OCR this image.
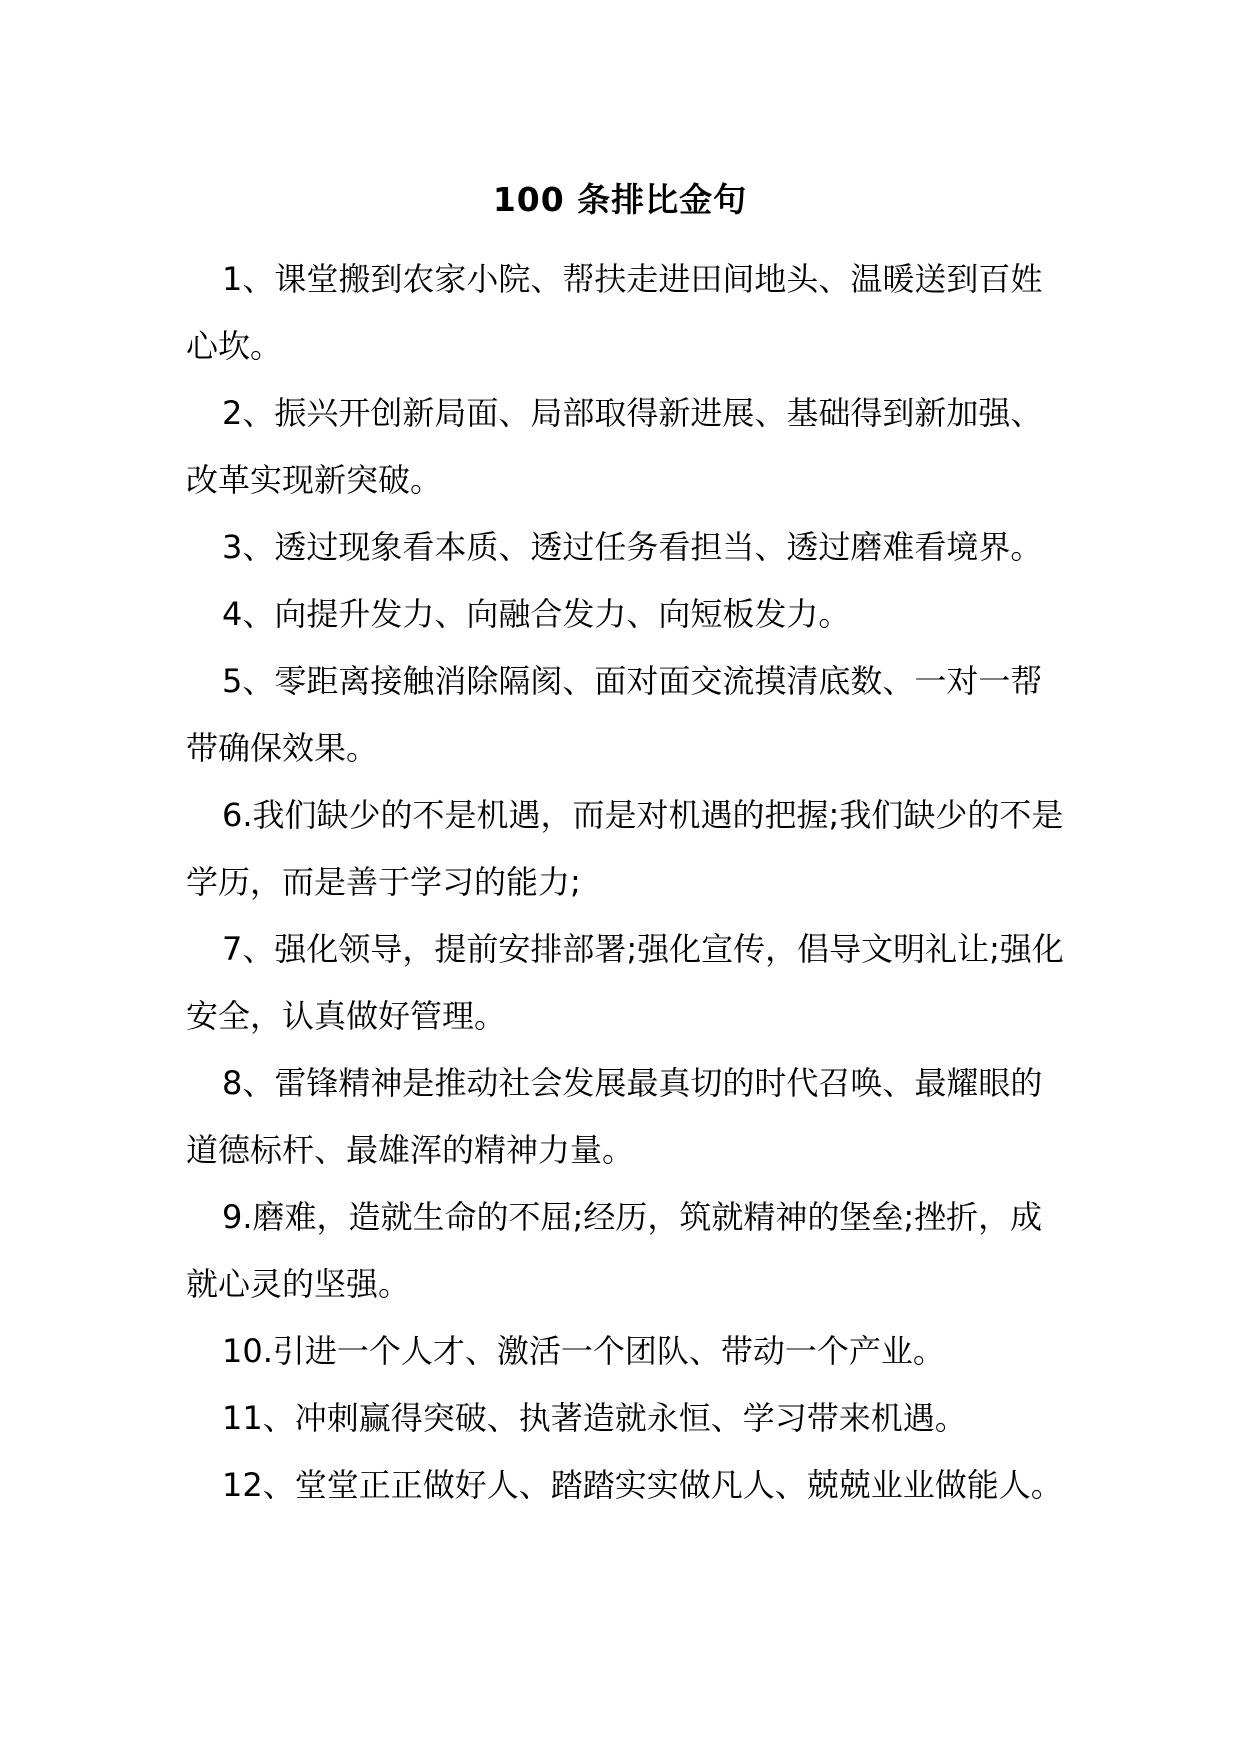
100 条排比金句

1、课堂搬到农家小院、帮扶走进田间地头、温暖送到百姓心坎。

2、振兴开创新局面、局部取得新进展、基础得到新加强、改革实现新突破。

3、透过现象看本质、透过任务看担当、透过磨难看境界。

4、向提升发力、向融合发力、向短板发力。

5、零距离接触消除隔阂、面对面交流摸清底数、一对一帮带确保效果。

6.我们缺少的不是机遇，而是对机遇的把握;我们缺少的不是学历，而是善于学习的能力;

7、强化领导，提前安排部署;强化宣传，倡导文明礼让;强化安全，认真做好管理。

8、雷锋精神是推动社会发展最真切的时代召唤、最耀眼的道德标杆、最雄浑的精神力量。

9.磨难，造就生命的不屈;经历，筑就精神的堡垒;挫折，成就心灵的坚强。

10.引进一个人才、激活一个团队、带动一个产业。

11、冲刺赢得突破、执著造就永恒、学习带来机遇。

12、堂堂正正做好人、踏踏实实做凡人、兢兢业业做能人。
